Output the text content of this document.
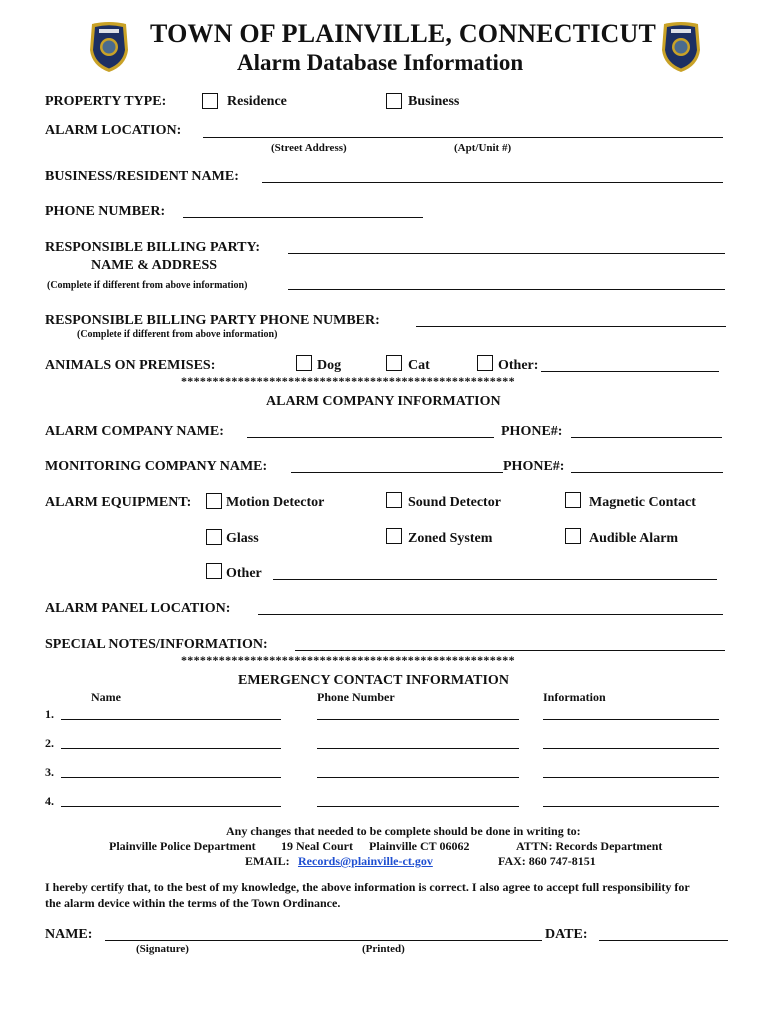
TOWN OF PLAINVILLE, CONNECTICUT
Alarm Database Information
PROPERTY TYPE:	Residence	Business
ALARM LOCATION:
(Street Address)	(Apt/Unit #)
BUSINESS/RESIDENT NAME:
PHONE NUMBER:
RESPONSIBLE BILLING PARTY:
NAME & ADDRESS
(Complete if different from above information)
RESPONSIBLE BILLING PARTY PHONE NUMBER:
(Complete if different from above information)
ANIMALS ON PREMISES:	Dog	Cat	Other:
*****************************************************
ALARM COMPANY INFORMATION
ALARM COMPANY NAME:	PHONE#:
MONITORING COMPANY NAME:	PHONE#:
ALARM EQUIPMENT: Motion Detector	Sound Detector	Magnetic Contact
Glass	Zoned System	Audible Alarm
Other
ALARM PANEL LOCATION:
SPECIAL NOTES/INFORMATION:
*****************************************************
EMERGENCY CONTACT INFORMATION
Name	Phone Number	Information
1.
2.
3.
4.
Any changes that needed to be complete should be done in writing to:
Plainville Police Department 19 Neal Court Plainville CT 06062	ATTN: Records Department
EMAIL: Records@plainville-ct.gov	FAX: 860 747-8151
I hereby certify that, to the best of my knowledge, the above information is correct. I also agree to accept full responsibility for
the alarm device within the terms of the Town Ordinance.
NAME:	DATE:
(Signature)	(Printed)
